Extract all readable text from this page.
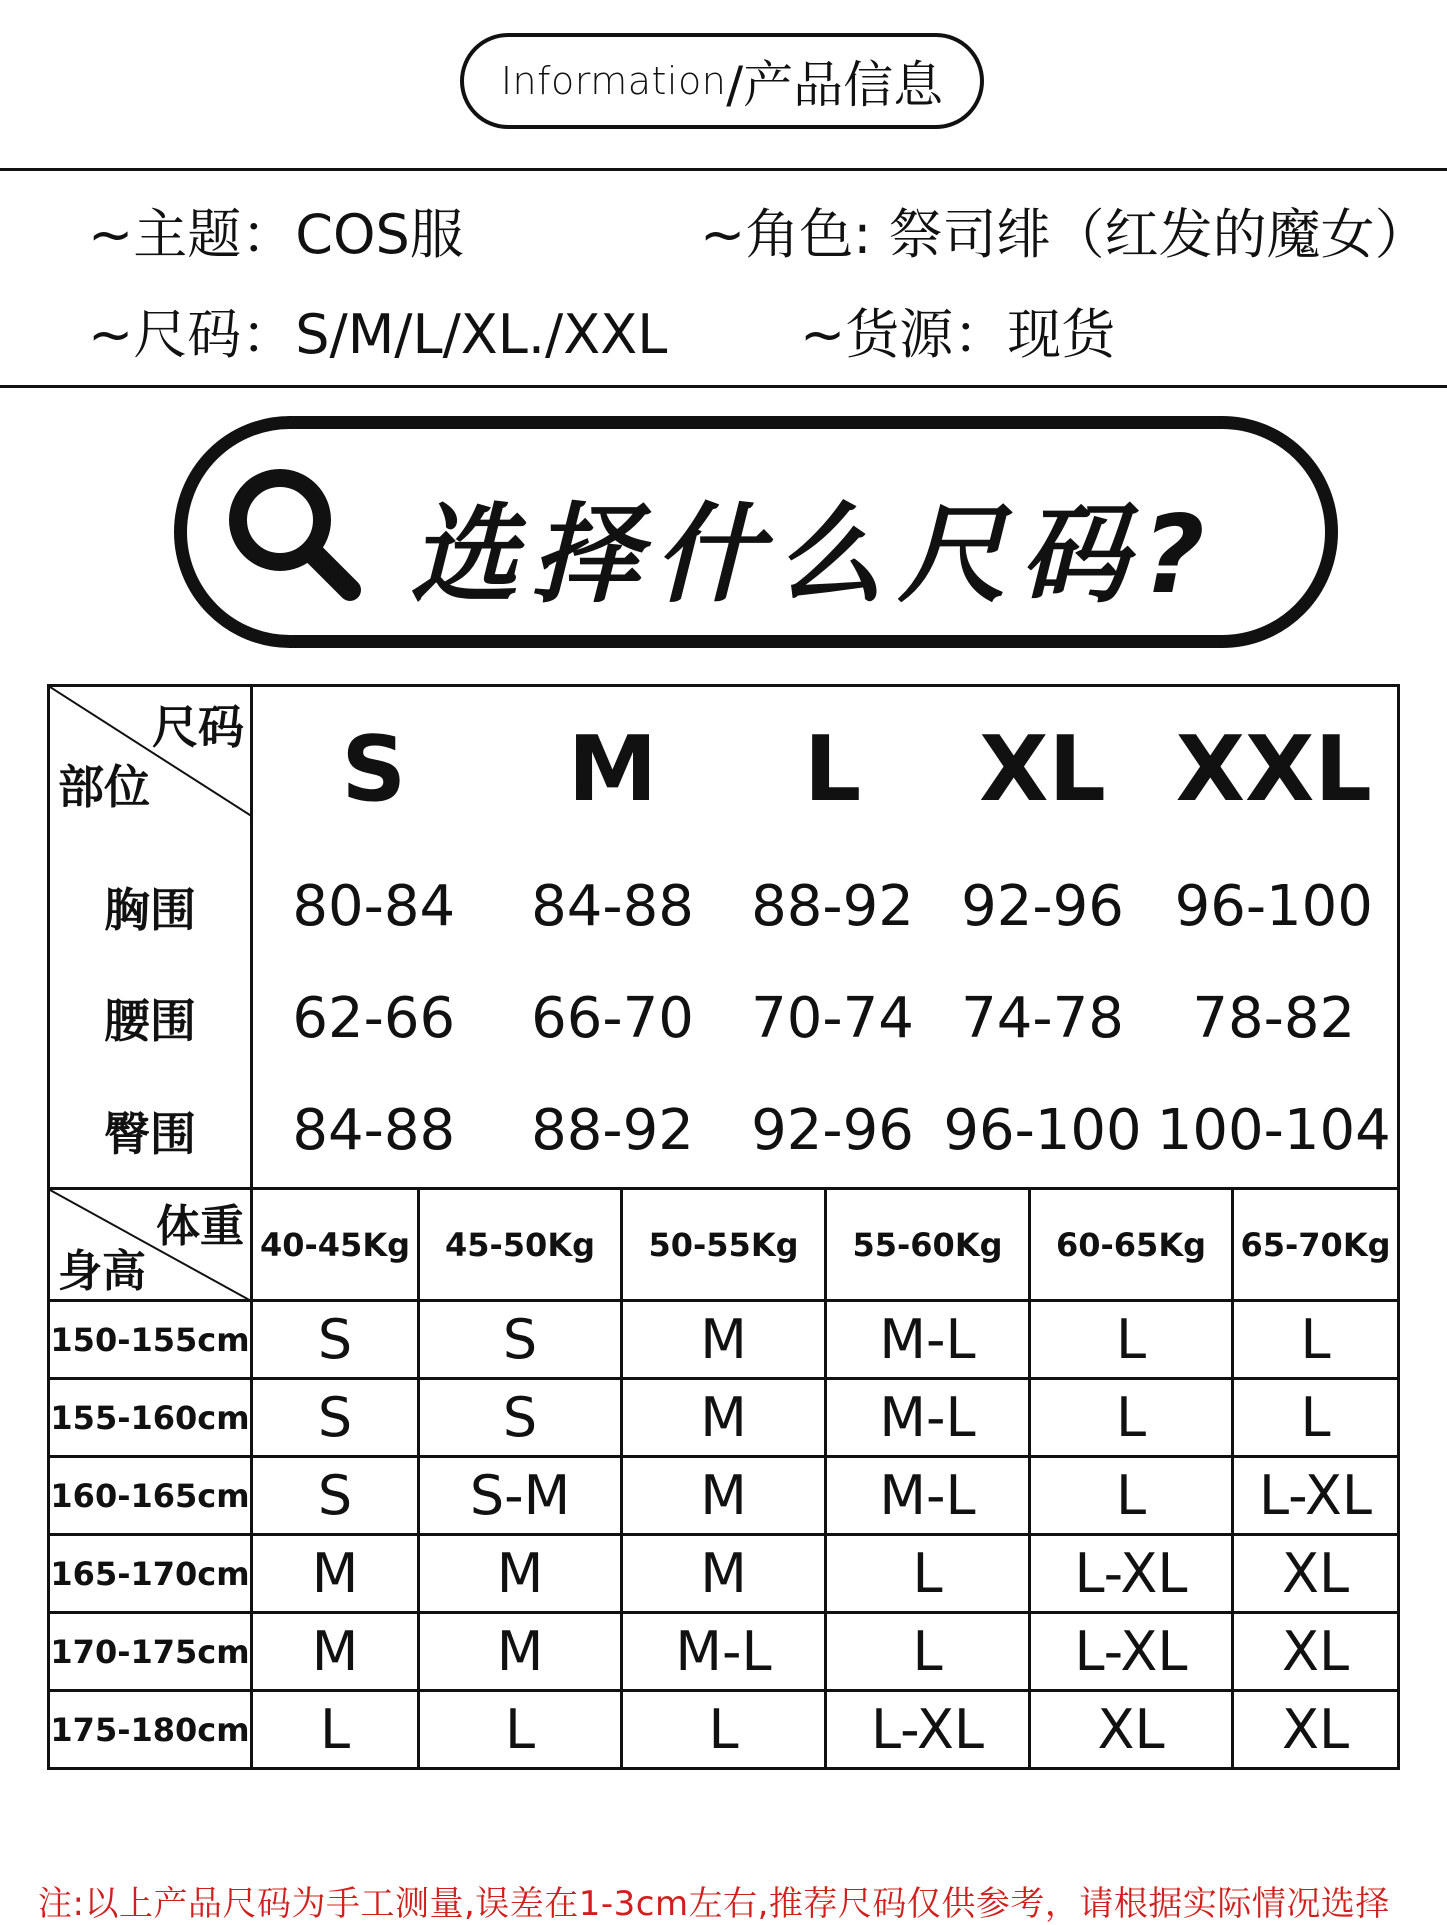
Information /产品信息
~主题：COS服	~角色: 祭司绯（红发的魔女）
~尺码：S/M/L/XL./XXL ~货源：现货
选择什么尺码?
尺码
部位	S	M	L	XL	XXL
胸围	80-84	84-88	88-92	92-96	96-100
腰围	62-66	66-70	70-74	74-78	78-82
臀围	84-88	88-92	92-96	96-100	100-104
体重
身高	40-45Kg	45-50Kg	50-55Kg	55-60Kg	60-65Kg	65-70Kg
150-155cm	S	S	M	M-L	L	L
155-160cm	S	S	M	M-L	L	L
160-165cm	S	S-M	M	M-L	L	L-XL
165-170cm	M	M	M	L	L-XL	XL
170-175cm	M	M	M-L	L	L-XL	XL
175-180cm	L	L	L	L-XL	XL	XL
注:以上产品尺码为手工测量,误差在1-3cm左右,推荐尺码仅供参考，请根据实际情况选择
